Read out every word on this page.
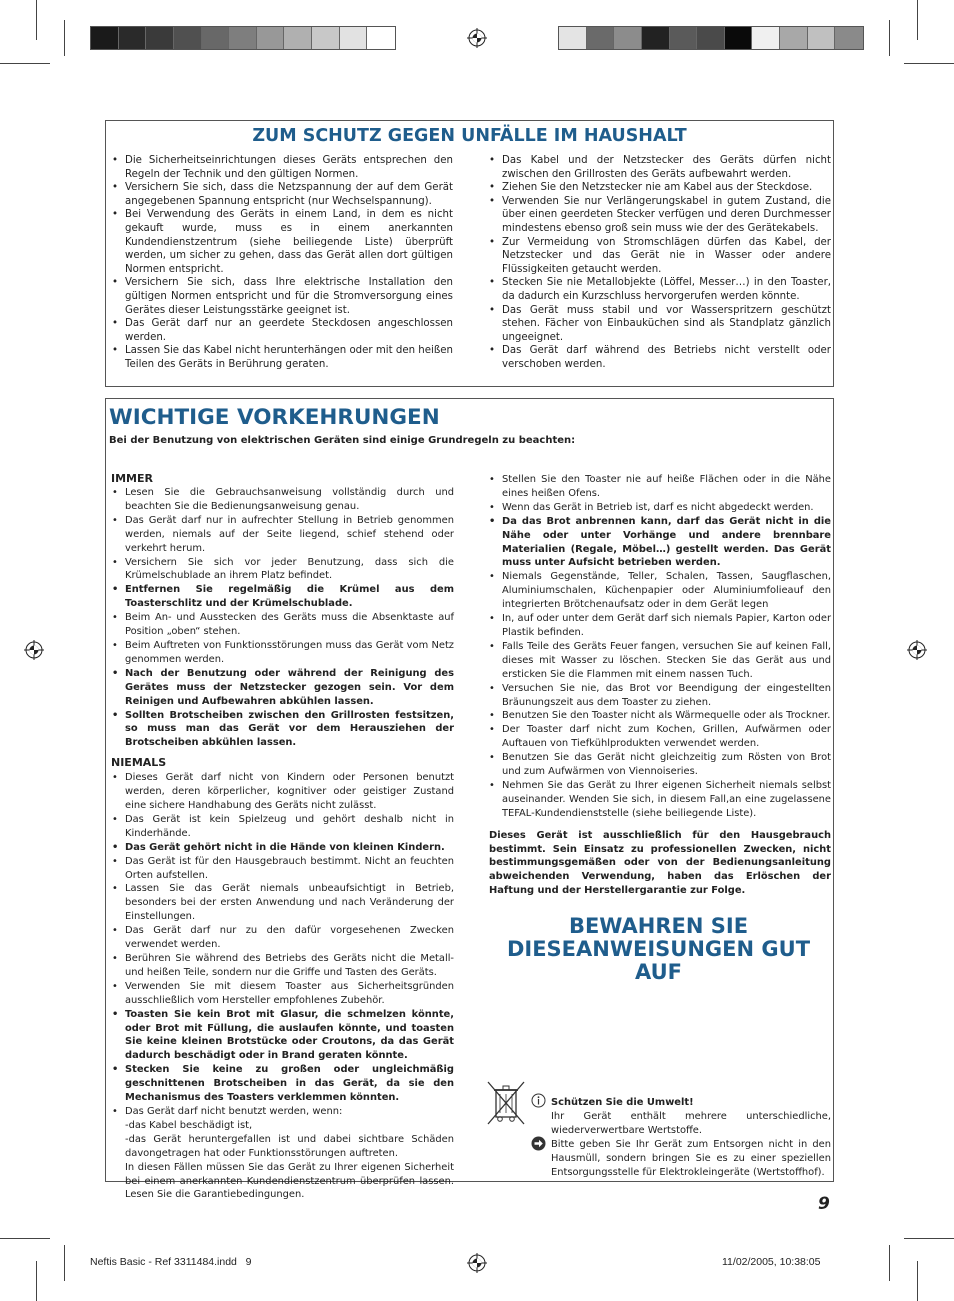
ZUM SCHUTZ GEGEN UNFÄLLE IM HAUSHALT
• Die Sicherheitseinrichtungen dieses Geräts entsprechen den Regeln der Technik und den gültigen Normen.
• Versichern Sie sich, dass die Netzspannung der auf dem Gerät angegebenen Spannung entspricht (nur Wechselspannung).
• Bei Verwendung des Geräts in einem Land, in dem es nicht gekauft wurde, muss es in einem anerkannten Kundendienstzentrum (siehe beiliegende Liste) überprüft werden, um sicher zu gehen, dass das Gerät allen dort gültigen Normen entspricht.
• Versichern Sie sich, dass Ihre elektrische Installation den gültigen Normen entspricht und für die Stromversorgung eines Gerätes dieser Leistungsstärke geeignet ist.
• Das Gerät darf nur an geerdete Steckdosen angeschlossen werden.
• Lassen Sie das Kabel nicht herunterhängen oder mit den heißen Teilen des Geräts in Berührung geraten.
• Das Kabel und der Netzstecker des Geräts dürfen nicht zwischen den Grillrosten des Geräts aufbewahrt werden.
• Ziehen Sie den Netzstecker nie am Kabel aus der Steckdose.
• Verwenden Sie nur Verlängerungskabel in gutem Zustand, die über einen geerdeten Stecker verfügen und deren Durchmesser mindestens ebenso groß sein muss wie der des Gerätekabels.
• Zur Vermeidung von Stromschlägen dürfen das Kabel, der Netzstecker und das Gerät nie in Wasser oder andere Flüssigkeiten getaucht werden.
• Stecken Sie nie Metallobjekte (Löffel, Messer…) in den Toaster, da dadurch ein Kurzschluss hervorgerufen werden könnte.
• Das Gerät muss stabil und vor Wasserspritzern geschützt stehen. Fächer von Einbauküchen sind als Standplatz gänzlich ungeeignet.
• Das Gerät darf während des Betriebs nicht verstellt oder verschoben werden.
WICHTIGE VORKEHRUNGEN
Bei der Benutzung von elektrischen Geräten sind einige Grundregeln zu beachten:
IMMER
• Lesen Sie die Gebrauchsanweisung vollständig durch und beachten Sie die Bedienungsanweisung genau.
• Das Gerät darf nur in aufrechter Stellung in Betrieb genommen werden, niemals auf der Seite liegend, schief stehend oder verkehrt herum.
• Versichern Sie sich vor jeder Benutzung, dass sich die Krümelschublade an ihrem Platz befindet.
• Entfernen Sie regelmäßig die Krümel aus dem Toasterschlitz und der Krümelschublade.
• Beim An- und Ausstecken des Geräts muss die Absenktaste auf Position „oben“ stehen.
• Beim Auftreten von Funktionsstörungen muss das Gerät vom Netz genommen werden.
• Nach der Benutzung oder während der Reinigung des Gerätes muss der Netzstecker gezogen sein. Vor dem Reinigen und Aufbewahren abkühlen lassen.
• Sollten Brotscheiben zwischen den Grillrosten festsitzen, so muss man das Gerät vor dem Herausziehen der Brotscheiben abkühlen lassen.
NIEMALS
• Dieses Gerät darf nicht von Kindern oder Personen benutzt werden, deren körperlicher, kognitiver oder geistiger Zustand eine sichere Handhabung des Geräts nicht zulässt.
• Das Gerät ist kein Spielzeug und gehört deshalb nicht in Kinderhände.
• Das Gerät gehört nicht in die Hände von kleinen Kindern.
• Das Gerät ist für den Hausgebrauch bestimmt. Nicht an feuchten Orten aufstellen.
• Lassen Sie das Gerät niemals unbeaufsichtigt in Betrieb, besonders bei der ersten Anwendung und nach Veränderung der Einstellungen.
• Das Gerät darf nur zu den dafür vorgesehenen Zwecken verwendet werden.
• Berühren Sie während des Betriebs des Geräts nicht die Metall- und heißen Teile, sondern nur die Griffe und Tasten des Geräts.
• Verwenden Sie mit diesem Toaster aus Sicherheitsgründen ausschließlich vom Hersteller empfohlenes Zubehör.
• Toasten Sie kein Brot mit Glasur, die schmelzen könnte, oder Brot mit Füllung, die auslaufen könnte, und toasten Sie keine kleinen Brotstücke oder Croutons, da das Gerät dadurch beschädigt oder in Brand geraten könnte.
• Stecken Sie keine zu großen oder ungleichmäßig geschnittenen Brotscheiben in das Gerät, da sie den Mechanismus des Toasters verklemmen könnten.
• Das Gerät darf nicht benutzt werden, wenn:
-das Kabel beschädigt ist,
-das Gerät heruntergefallen ist und dabei sichtbare Schäden davongetragen hat oder Funktionsstörungen auftreten.
In diesen Fällen müssen Sie das Gerät zu Ihrer eigenen Sicherheit bei einem anerkannten Kundendienstzentrum überprüfen lassen. Lesen Sie die Garantiebedingungen.
• Stellen Sie den Toaster nie auf heiße Flächen oder in die Nähe eines heißen Ofens.
• Wenn das Gerät in Betrieb ist, darf es nicht abgedeckt werden.
• Da das Brot anbrennen kann, darf das Gerät nicht in die Nähe oder unter Vorhänge und andere brennbare Materialien (Regale, Möbel…) gestellt werden. Das Gerät muss unter Aufsicht betrieben werden.
• Niemals Gegenstände, Teller, Schalen, Tassen, Saugflaschen, Aluminiumschalen, Küchenpapier oder Aluminiumfolieauf den integrierten Brötchenaufsatz oder in dem Gerät legen
• In, auf oder unter dem Gerät darf sich niemals Papier, Karton oder Plastik befinden.
• Falls Teile des Geräts Feuer fangen, versuchen Sie auf keinen Fall, dieses mit Wasser zu löschen. Stecken Sie das Gerät aus und ersticken Sie die Flammen mit einem nassen Tuch.
• Versuchen Sie nie, das Brot vor Beendigung der eingestellten Bräunungszeit aus dem Toaster zu ziehen.
• Benutzen Sie den Toaster nicht als Wärmequelle oder als Trockner.
• Der Toaster darf nicht zum Kochen, Grillen, Aufwärmen oder Auftauen von Tiefkühlprodukten verwendet werden.
• Benutzen Sie das Gerät nicht gleichzeitig zum Rösten von Brot und zum Aufwärmen von Viennoiseries.
• Nehmen Sie das Gerät zu Ihrer eigenen Sicherheit niemals selbst auseinander. Wenden Sie sich, in diesem Fall,an eine zugelassene TEFAL-Kundendienststelle (siehe beiliegende Liste).
Dieses Gerät ist ausschließlich für den Hausgebrauch bestimmt. Sein Einsatz zu professionellen Zwecken, nicht bestimmungsgemäßen oder von der Bedienungsanleitung abweichenden Verwendung, haben das Erlöschen der Haftung und der Herstellergarantie zur Folge.
BEWAHREN SIE
DIESEANWEISUNGEN GUT AUF
Schützen Sie die Umwelt!
Ihr Gerät enthält mehrere unterschiedliche, wiederverwertbare Wertstoffe.
Bitte geben Sie Ihr Gerät zum Entsorgen nicht in den Hausmüll, sondern bringen Sie es zu einer speziellen Entsorgungsstelle für Elektrokleingeräte (Wertstoffhof).
9
Neftis Basic - Ref 3311484.indd   9	11/02/2005, 10:38:05
